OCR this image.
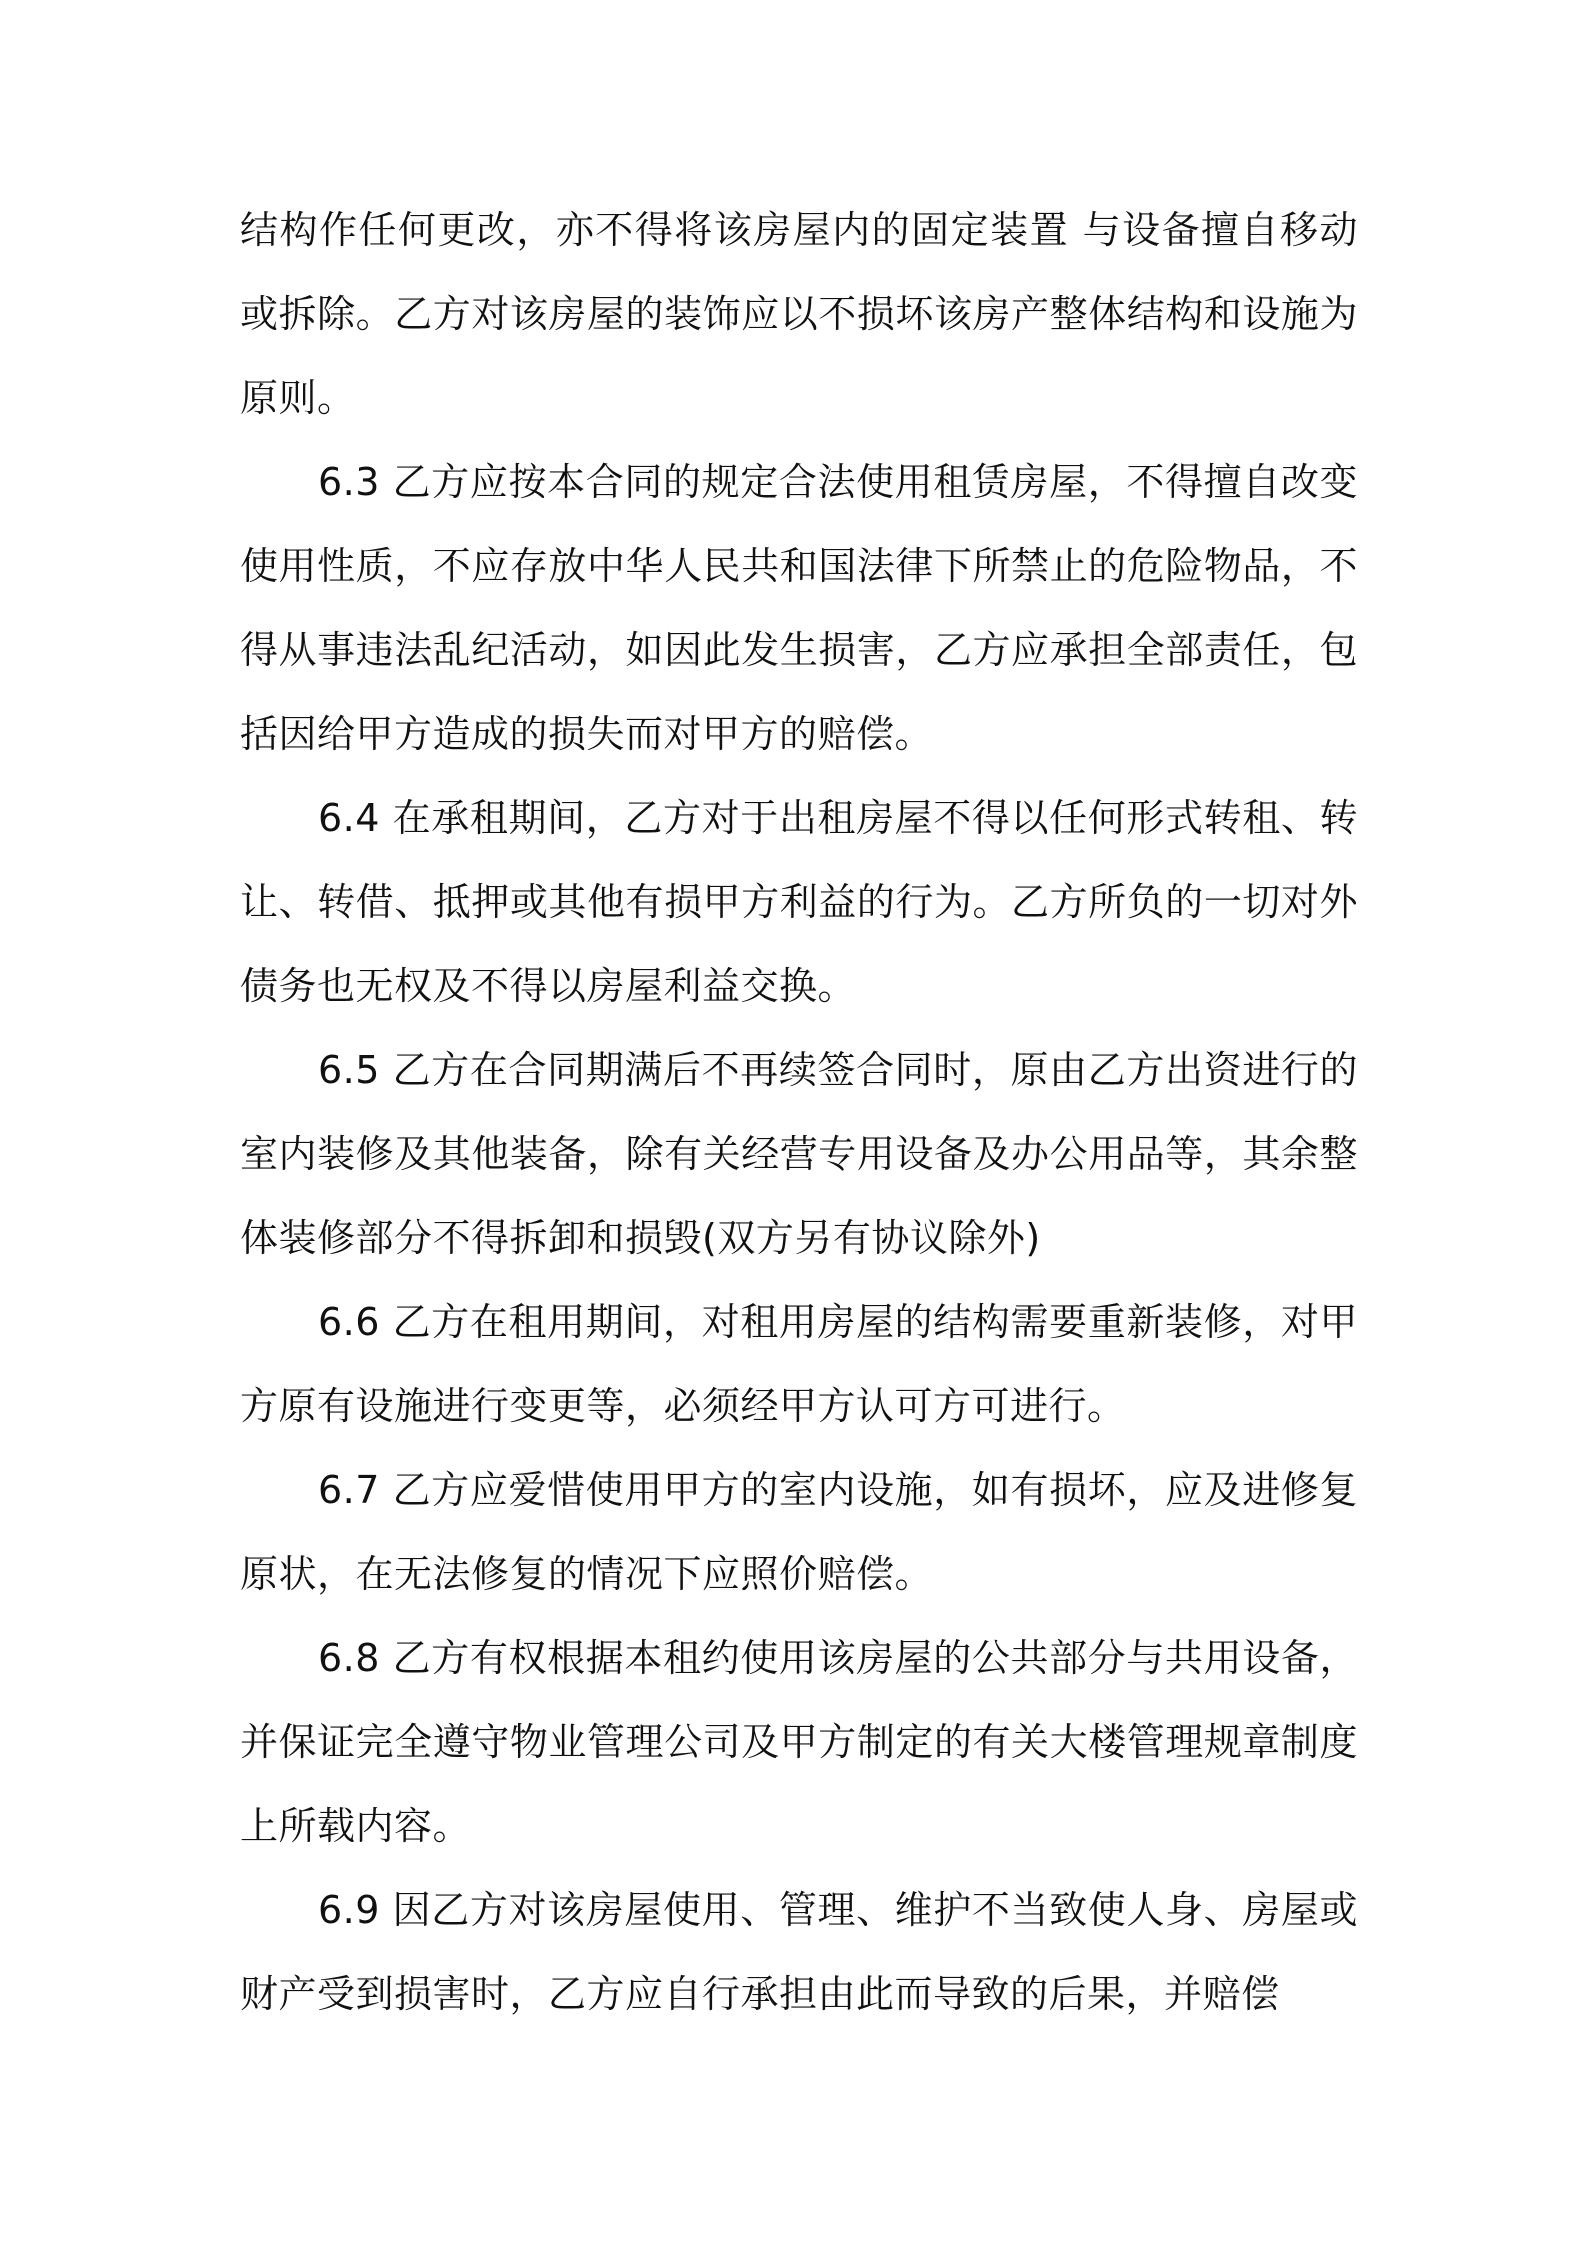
结构作任何更改，亦不得将该房屋内的固定装置 与设备擅自移动或拆除。乙方对该房屋的装饰应以不损坏该房产整体结构和设施为原则。

6.3 乙方应按本合同的规定合法使用租赁房屋，不得擅自改变使用性质，不应存放中华人民共和国法律下所禁止的危险物品，不得从事违法乱纪活动，如因此发生损害，乙方应承担全部责任，包括因给甲方造成的损失而对甲方的赔偿。

6.4 在承租期间，乙方对于出租房屋不得以任何形式转租、转让、转借、抵押或其他有损甲方利益的行为。乙方所负的一切对外债务也无权及不得以房屋利益交换。

6.5 乙方在合同期满后不再续签合同时，原由乙方出资进行的室内装修及其他装备，除有关经营专用设备及办公用品等，其余整体装修部分不得拆卸和损毁(双方另有协议除外)

6.6 乙方在租用期间，对租用房屋的结构需要重新装修，对甲方原有设施进行变更等，必须经甲方认可方可进行。

6.7 乙方应爱惜使用甲方的室内设施，如有损坏，应及进修复原状，在无法修复的情况下应照价赔偿。

6.8 乙方有权根据本租约使用该房屋的公共部分与共用设备，并保证完全遵守物业管理公司及甲方制定的有关大楼管理规章制度上所载内容。

6.9 因乙方对该房屋使用、管理、维护不当致使人身、房屋或财产受到损害时，乙方应自行承担由此而导致的后果，并赔偿
